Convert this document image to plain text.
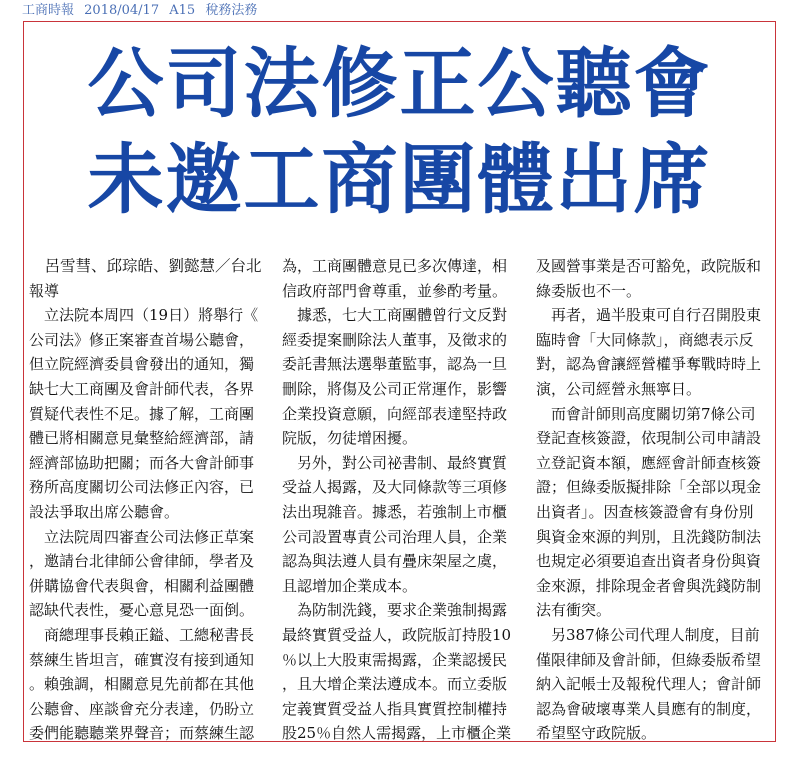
工商時報 2018/04/17 A15 稅務法務
公司法修正公聽會
未邀工商團體出席
　呂雪彗、邱琮皓、劉懿慧／台北
報導
　立法院本周四（19日）將舉行《
公司法》修正案審查首場公聽會，
但立院經濟委員會發出的通知，獨
缺七大工商團及會計師代表，各界
質疑代表性不足。據了解，工商團
體已將相關意見彙整給經濟部，請
經濟部協助把關；而各大會計師事
務所高度關切公司法修正內容，已
設法爭取出席公聽會。
　立法院周四審查公司法修正草案
，邀請台北律師公會律師，學者及
併購協會代表與會，相關利益團體
認缺代表性，憂心意見恐一面倒。
　商總理事長賴正鎰、工總秘書長
蔡練生皆坦言，確實沒有接到通知
。賴強調，相關意見先前都在其他
公聽會、座談會充分表達，仍盼立
委們能聽聽業界聲音；而蔡練生認
為，工商團體意見已多次傳達，相
信政府部門會尊重，並參酌考量。
　據悉，七大工商團體曾行文反對
經委提案刪除法人董事，及徵求的
委託書無法選舉董監事，認為一旦
刪除，將傷及公司正常運作，影響
企業投資意願，向經部表達堅持政
院版，勿徒增困擾。
　另外，對公司祕書制、最終實質
受益人揭露，及大同條款等三項修
法出現雜音。據悉，若強制上市櫃
公司設置專責公司治理人員，企業
認為與法遵人員有疊床架屋之虞，
且認增加企業成本。
　為防制洗錢，要求企業強制揭露
最終實質受益人，政院版訂持股10
％以上大股東需揭露，企業認援民
，且大增企業法遵成本。而立委版
定義實質受益人指具實質控制權持
股25％自然人需揭露，上市櫃企業
及國營事業是否可豁免，政院版和
綠委版也不一。
　再者，過半股東可自行召開股東
臨時會「大同條款」，商總表示反
對，認為會讓經營權爭奪戰時時上
演，公司經營永無寧日。
　而會計師則高度關切第7條公司
登記查核簽證，依現制公司申請設
立登記資本額，應經會計師查核簽
證；但綠委版擬排除「全部以現金
出資者」。因查核簽證會有身份別
與資金來源的判別，且洗錢防制法
也規定必須要追查出資者身份與資
金來源，排除現金者會與洗錢防制
法有衝突。
　另387條公司代理人制度，目前
僅限律師及會計師，但綠委版希望
納入記帳士及報稅代理人；會計師
認為會破壞專業人員應有的制度，
希望堅守政院版。
